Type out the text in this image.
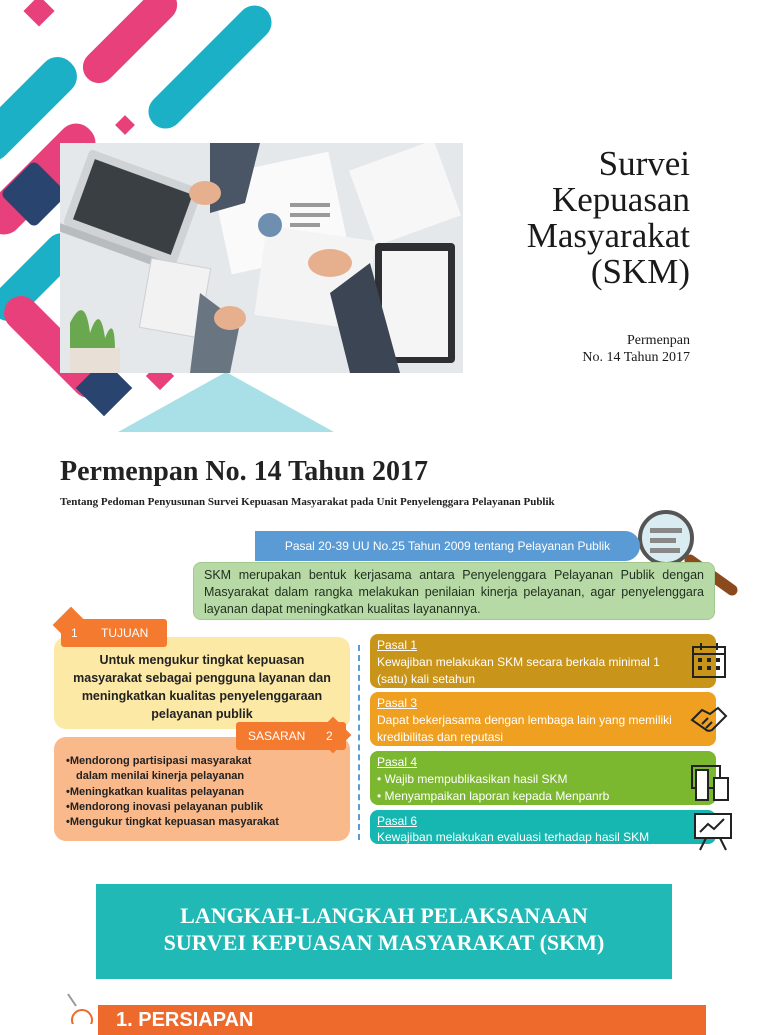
Survei
Kepuasan
Masyarakat
(SKM)
Permenpan
No. 14 Tahun 2017
Permenpan No. 14 Tahun 2017
Tentang Pedoman Penyusunan Survei Kepuasan Masyarakat pada Unit Penyelenggara Pelayanan Publik
Pasal 20-39 UU No.25 Tahun 2009 tentang Pelayanan Publik
SKM merupakan bentuk kerjasama antara Penyelenggara Pelayanan Publik dengan Masyarakat dalam rangka melakukan penilaian kinerja pelayanan, agar penyelenggara layanan dapat meningkatkan kualitas layanannya.
1 TUJUAN
Untuk mengukur tingkat kepuasan masyarakat sebagai pengguna layanan dan meningkatkan kualitas penyelenggaraan pelayanan publik
SASARAN 2
•Mendorong partisipasi masyarakat
dalam menilai kinerja pelayanan
•Meningkatkan kualitas pelayanan
•Mendorong inovasi pelayanan publik
•Mengukur tingkat kepuasan masyarakat
Pasal 1
Kewajiban melakukan SKM secara berkala minimal 1 (satu) kali setahun
Pasal 3
Dapat bekerjasama dengan lembaga lain yang memiliki kredibilitas dan reputasi
Pasal 4
• Wajib mempublikasikan hasil SKM
• Menyampaikan laporan kepada Menpanrb
Pasal 6
Kewajiban melakukan evaluasi terhadap hasil SKM
LANGKAH-LANGKAH PELAKSANAAN
SURVEI KEPUASAN MASYARAKAT (SKM)
1. PERSIAPAN
